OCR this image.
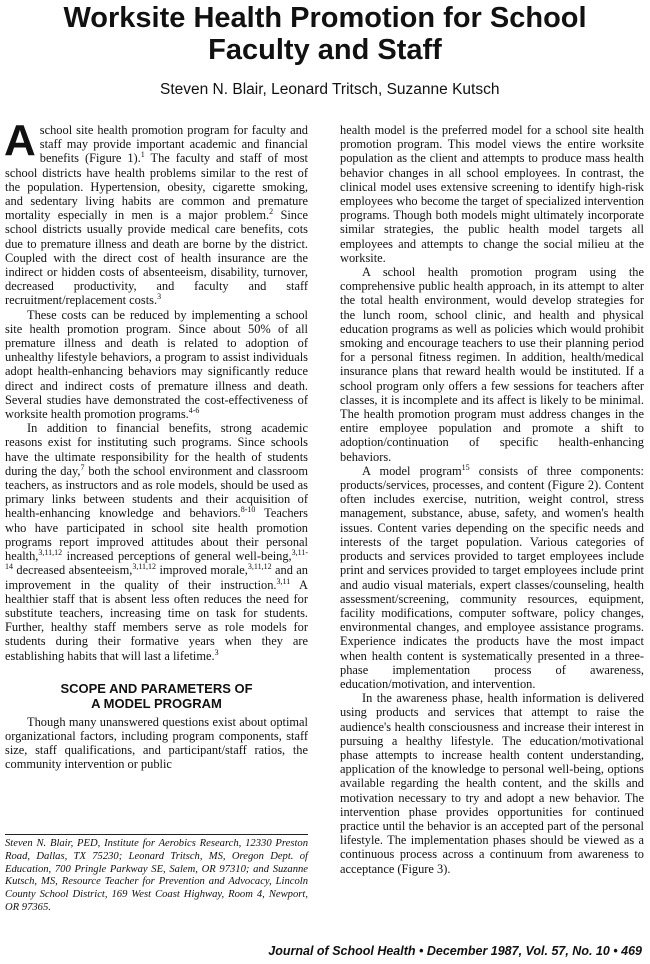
Worksite Health Promotion for School
Faculty and Staff
Steven N. Blair, Leonard Tritsch, Suzanne Kutsch

A school site health promotion program for faculty and staff may provide important academic and financial benefits (Figure 1).$^1$ The faculty and staff of most school districts have health problems similar to the rest of the population. Hypertension, obesity, cigarette smoking, and sedentary living habits are common and premature mortality especially in men is a major problem.$^2$ Since school districts usually provide medical care benefits, cots due to premature illness and death are borne by the district. Coupled with the direct cost of health insurance are the indirect or hidden costs of absenteeism, disability, turnover, decreased productivity, and faculty and staff recruitment/replacement costs.$^3$

These costs can be reduced by implementing a school site health promotion program. Since about 50% of all premature illness and death is related to adoption of unhealthy lifestyle behaviors, a program to assist individuals adopt health-enhancing behaviors may significantly reduce direct and indirect costs of premature illness and death. Several studies have demonstrated the cost-effectiveness of worksite health promotion programs.$^{4-6}$

In addition to financial benefits, strong academic reasons exist for instituting such programs. Since schools have the ultimate responsibility for the health of students during the day,$^7$ both the school environment and classroom teachers, as instructors and as role models, should be used as primary links between students and their acquisition of health-enhancing knowledge and behaviors.$^{8-10}$ Teachers who have participated in school site health promotion programs report improved attitudes about their personal health,$^{3,11,12}$ increased perceptions of general well-being,$^{3,11-14}$ decreased absenteeism,$^{3,11,12}$ improved morale,$^{3,11,12}$ and an improvement in the quality of their instruction.$^{3,11}$ A healthier staff that is absent less often reduces the need for substitute teachers, increasing time on task for students. Further, healthy staff members serve as role models for students during their formative years when they are establishing habits that will last a lifetime.$^3$

SCOPE AND PARAMETERS OF
A MODEL PROGRAM

Though many unanswered questions exist about optimal organizational factors, including program components, staff size, staff qualifications, and participant/staff ratios, the community intervention or public

Steven N. Blair, PED, Institute for Aerobics Research, 12330 Preston Road, Dallas, TX 75230; Leonard Tritsch, MS, Oregon Dept. of Education, 700 Pringle Parkway SE, Salem, OR 97310; and Suzanne Kutsch, MS, Resource Teacher for Prevention and Advocacy, Lincoln County School District, 169 West Coast Highway, Room 4, Newport, OR 97365.

health model is the preferred model for a school site health promotion program. This model views the entire worksite population as the client and attempts to produce mass health behavior changes in all school employees. In contrast, the clinical model uses extensive screening to identify high-risk employees who become the target of specialized intervention programs. Though both models might ultimately incorporate similar strategies, the public health model targets all employees and attempts to change the social milieu at the worksite.

A school health promotion program using the comprehensive public health approach, in its attempt to alter the total health environment, would develop strategies for the lunch room, school clinic, and health and physical education programs as well as policies which would prohibit smoking and encourage teachers to use their planning period for a personal fitness regimen. In addition, health/medical insurance plans that reward health would be instituted. If a school program only offers a few sessions for teachers after classes, it is incomplete and its affect is likely to be minimal. The health promotion program must address changes in the entire employee population and promote a shift to adoption/continuation of specific health-enhancing behaviors.

A model program$^{15}$ consists of three components: products/services, processes, and content (Figure 2). Content often includes exercise, nutrition, weight control, stress management, substance, abuse, safety, and women's health issues. Content varies depending on the specific needs and interests of the target population. Various categories of products and services provided to target employees include print and services provided to target employees include print and audio visual materials, expert classes/counseling, health assessment/screening, community resources, equipment, facility modifications, computer software, policy changes, environmental changes, and employee assistance programs. Experience indicates the products have the most impact when health content is systematically presented in a three-phase implementation process of awareness, education/motivation, and intervention.

In the awareness phase, health information is delivered using products and services that attempt to raise the audience's health consciousness and increase their interest in pursuing a healthy lifestyle. The education/motivational phase attempts to increase health content understanding, application of the knowledge to personal well-being, options available regarding the health content, and the skills and motivation necessary to try and adopt a new behavior. The intervention phase provides opportunities for continued practice until the behavior is an accepted part of the personal lifestyle. The implementation phases should be viewed as a continuous process across a continuum from awareness to acceptance (Figure 3).

Journal of School Health • December 1987, Vol. 57, No. 10 • 469
